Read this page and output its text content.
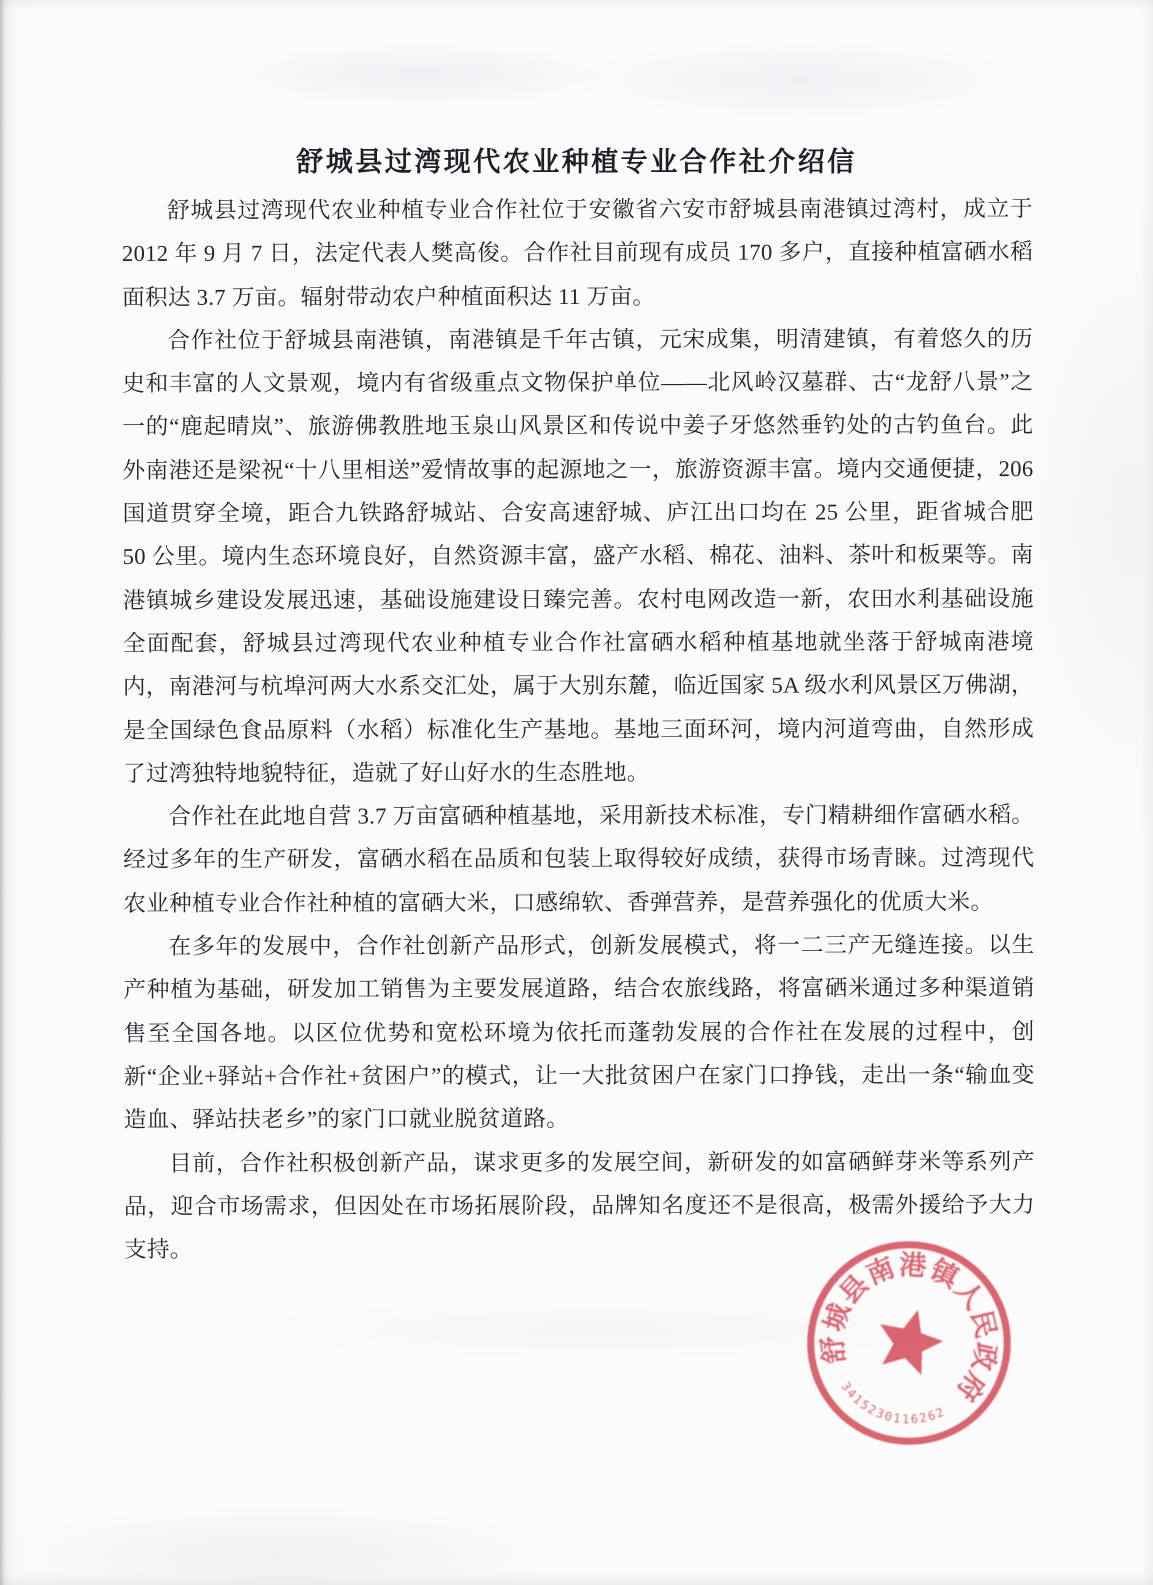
舒城县过湾现代农业种植专业合作社介绍信

舒城县过湾现代农业种植专业合作社位于安徽省六安市舒城县南港镇过湾村，成立于 2012 年 9 月 7 日，法定代表人樊高俊。合作社目前现有成员 170 多户，直接种植富硒水稻面积达 3.7 万亩。辐射带动农户种植面积达 11 万亩。

合作社位于舒城县南港镇，南港镇是千年古镇，元宋成集，明清建镇，有着悠久的历史和丰富的人文景观，境内有省级重点文物保护单位——北风岭汉墓群、古“龙舒八景”之一的“鹿起晴岚”、旅游佛教胜地玉泉山风景区和传说中姜子牙悠然垂钓处的古钓鱼台。此外南港还是梁祝“十八里相送”爱情故事的起源地之一，旅游资源丰富。境内交通便捷，206 国道贯穿全境，距合九铁路舒城站、合安高速舒城、庐江出口均在 25 公里，距省城合肥 50 公里。境内生态环境良好，自然资源丰富，盛产水稻、棉花、油料、茶叶和板栗等。南港镇城乡建设发展迅速，基础设施建设日臻完善。农村电网改造一新，农田水利基础设施全面配套，舒城县过湾现代农业种植专业合作社富硒水稻种植基地就坐落于舒城南港境内，南港河与杭埠河两大水系交汇处，属于大别东麓，临近国家 5A 级水利风景区万佛湖，是全国绿色食品原料（水稻）标准化生产基地。基地三面环河，境内河道弯曲，自然形成了过湾独特地貌特征，造就了好山好水的生态胜地。

合作社在此地自营 3.7 万亩富硒种植基地，采用新技术标准，专门精耕细作富硒水稻。经过多年的生产研发，富硒水稻在品质和包装上取得较好成绩，获得市场青睐。过湾现代农业种植专业合作社种植的富硒大米，口感绵软、香弹营养，是营养强化的优质大米。

在多年的发展中，合作社创新产品形式，创新发展模式，将一二三产无缝连接。以生产种植为基础，研发加工销售为主要发展道路，结合农旅线路，将富硒米通过多种渠道销售至全国各地。以区位优势和宽松环境为依托而蓬勃发展的合作社在发展的过程中，创新“企业+驿站+合作社+贫困户”的模式，让一大批贫困户在家门口挣钱，走出一条“输血变造血、驿站扶老乡”的家门口就业脱贫道路。

目前，合作社积极创新产品，谋求更多的发展空间，新研发的如富硒鲜芽米等系列产品，迎合市场需求，但因处在市场拓展阶段，品牌知名度还不是很高，极需外援给予大力支持。

舒城县南港镇人民政府
3415230116262
